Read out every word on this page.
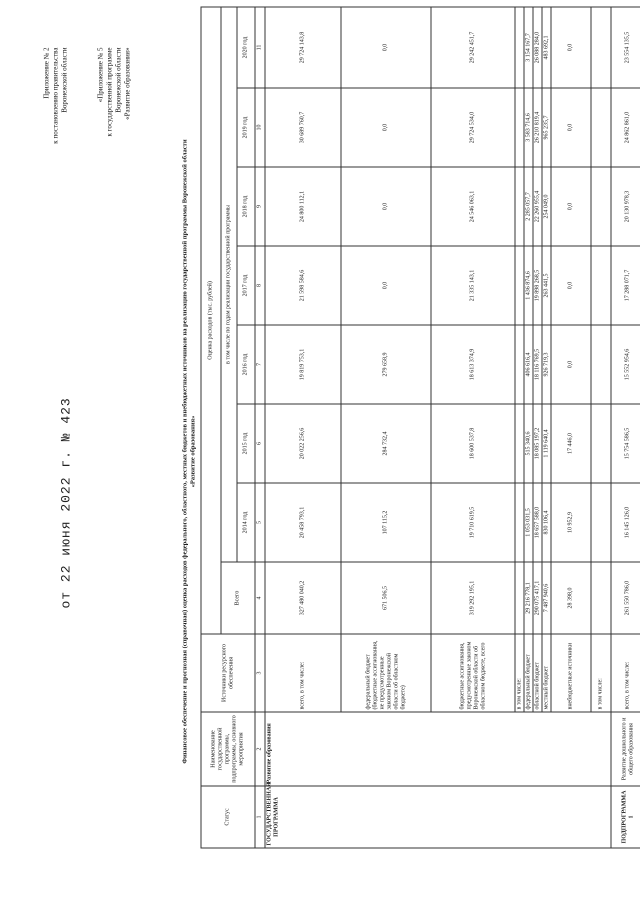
Приложение № 2 к постановлению правительства Воронежской области
от 22 июня 2022 г. № 423
«Приложение № 5 к государственной программе Воронежской области «Развитие образования»
Финансовое обеспечение и прогнозная (справочная) оценка расходов федерального, областного, местных бюджетов и внебюджетных источников на реализацию государственной программы Воронежской области «Развитие образования»
Статус	Наименование государственной программы, подпрограммы, основного мероприятия	Источники ресурсного обеспечения	Оценка расходов (тыс. рублей)							
			Всего	в том числе по годам реализации государственной программы						
				2014 год	2015 год	2016 год	2017 год	2018 год	2019 год	2020 год
1	2	3	4	5	6	7	8	9	10	11
ГОСУДАРСТВЕННАЯ ПРОГРАММА	Развитие образования	всего, в том числе:	327 480 040,2	20 458 793,1	20 022 256,6	19 819 753,1	21 598 584,6	24 800 112,1	30 689 760,7	29 724 143,8
		федеральный бюджет (бюджетные ассигнования, не предусмотренные законом Воронежской области об областном бюджете)	671 506,5	107 115,2	284 732,4	279 658,9	0,0	0,0	0,0	0,0
		бюджетные ассигнования, предусмотренные законом Воронежской области об областном бюджете, всего	319 292 195,1	19 710 619,5	18 600 537,8	18 613 374,9	21 335 143,1	24 546 063,1	29 724 534,0	29 242 451,7
		в том числе:								
		федеральный бюджет	29 216 778,1	1 053 031,5	515 340,6	406 616,4	1 436 874,6	2 285 057,7	3 583 714,6	3 154 167,7
		областной бюджет	290 075 417,1	18 657 588,0	18 085 197,2	18 116 769,5	19 898 268,5	22 260 955,4	26 210 819,4	26 088 284,0
		местный бюджет	7 487 940,6	830 106,4	1 119 640,4	926 719,3	263 441,5	254 049,0	965 235,7	483 692,1
		внебюджетные источники	28 398,0	10 952,9	17 446,0	0,0	0,0	0,0	0,0	0,0
		в том числе:								
ПОДПРОГРАММА 1	Развитие дошкольного и общего образования	всего, в том числе:	261 550 786,0	16 145 126,0	15 754 586,5	15 552 954,6	17 288 071,7	20 130 978,3	24 862 861,0	23 554 135,5
